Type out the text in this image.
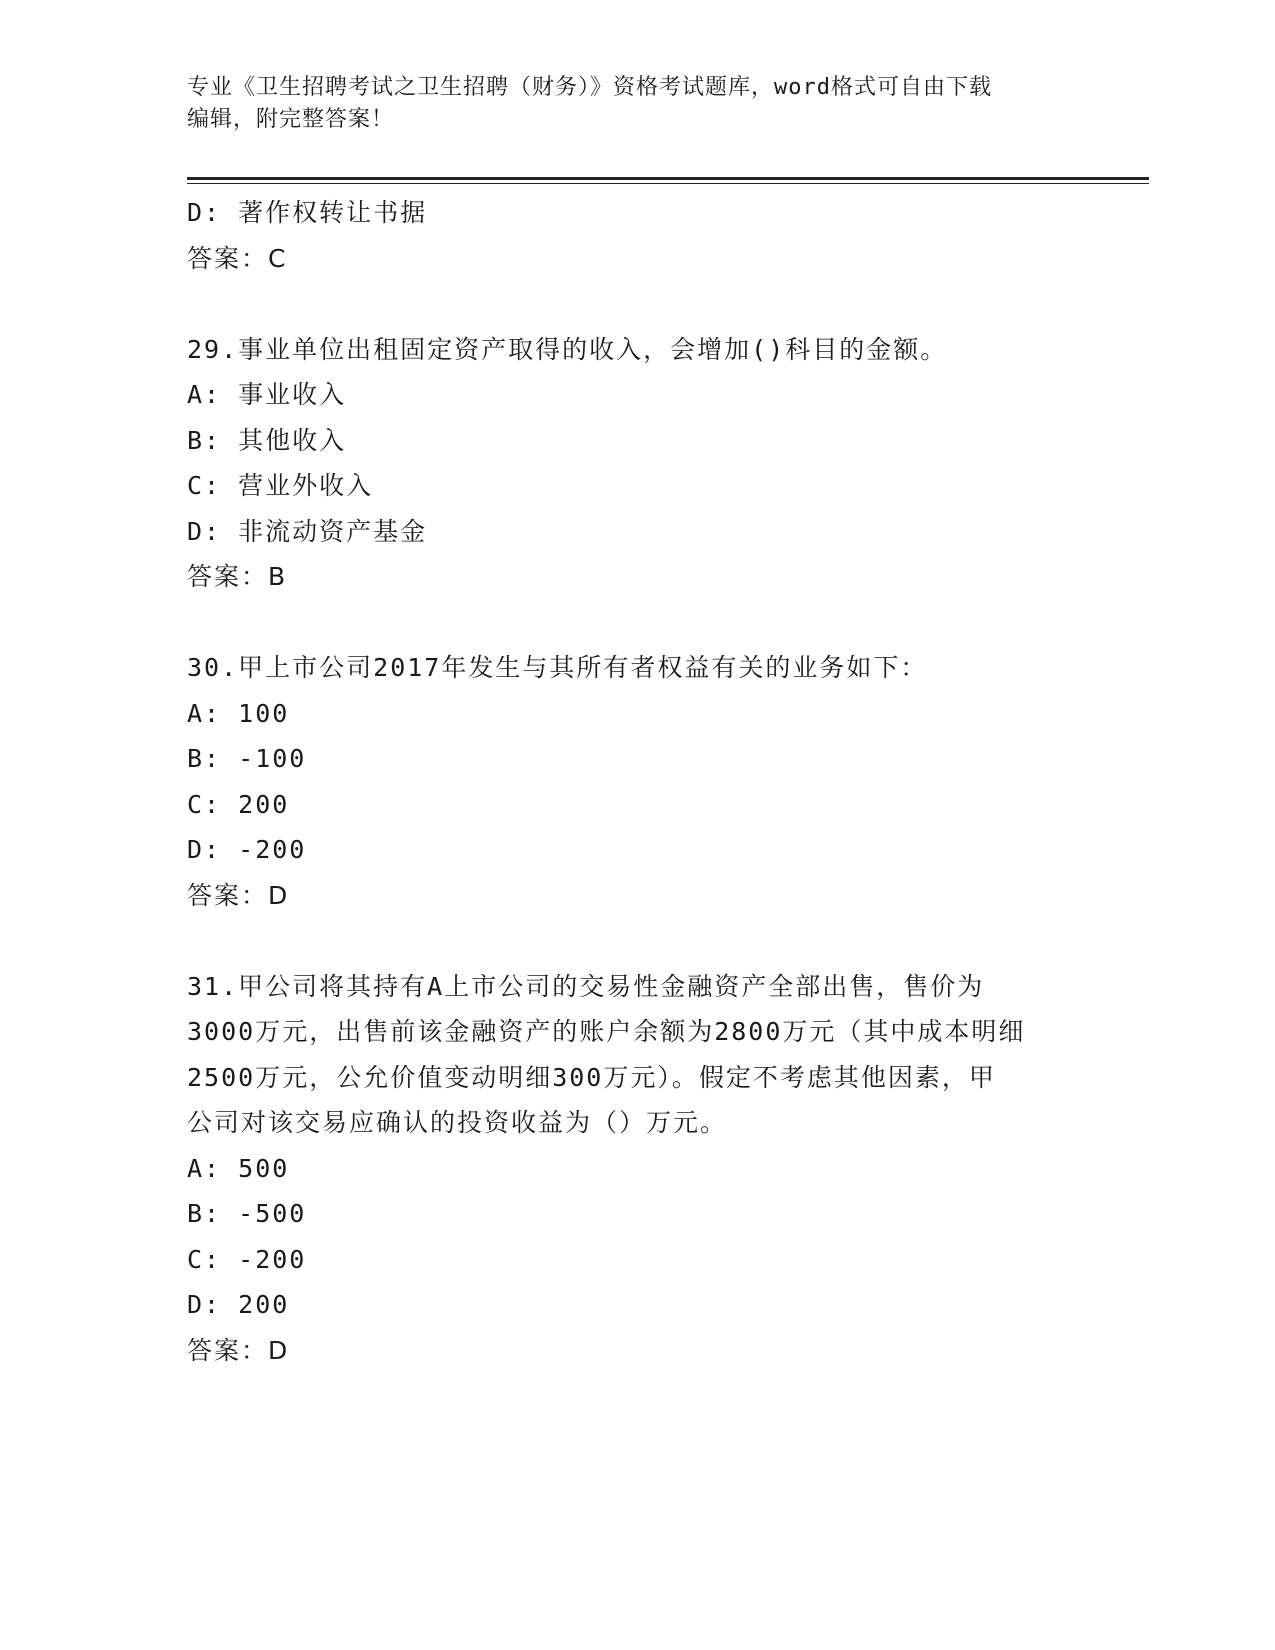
专业《卫生招聘考试之卫生招聘（财务）》资格考试题库，word格式可自由下载
编辑，附完整答案！
D: 著作权转让书据
答案：C
29.事业单位出租固定资产取得的收入，会增加()科目的金额。
A: 事业收入
B: 其他收入
C: 营业外收入
D: 非流动资产基金
答案：B
30.甲上市公司2017年发生与其所有者权益有关的业务如下：
A: 100
B: -100
C: 200
D: -200
答案：D
31.甲公司将其持有A上市公司的交易性金融资产全部出售，售价为
3000万元，出售前该金融资产的账户余额为2800万元（其中成本明细
2500万元，公允价值变动明细300万元）。假定不考虑其他因素，甲
公司对该交易应确认的投资收益为（）万元。
A: 500
B: -500
C: -200
D: 200
答案：D
